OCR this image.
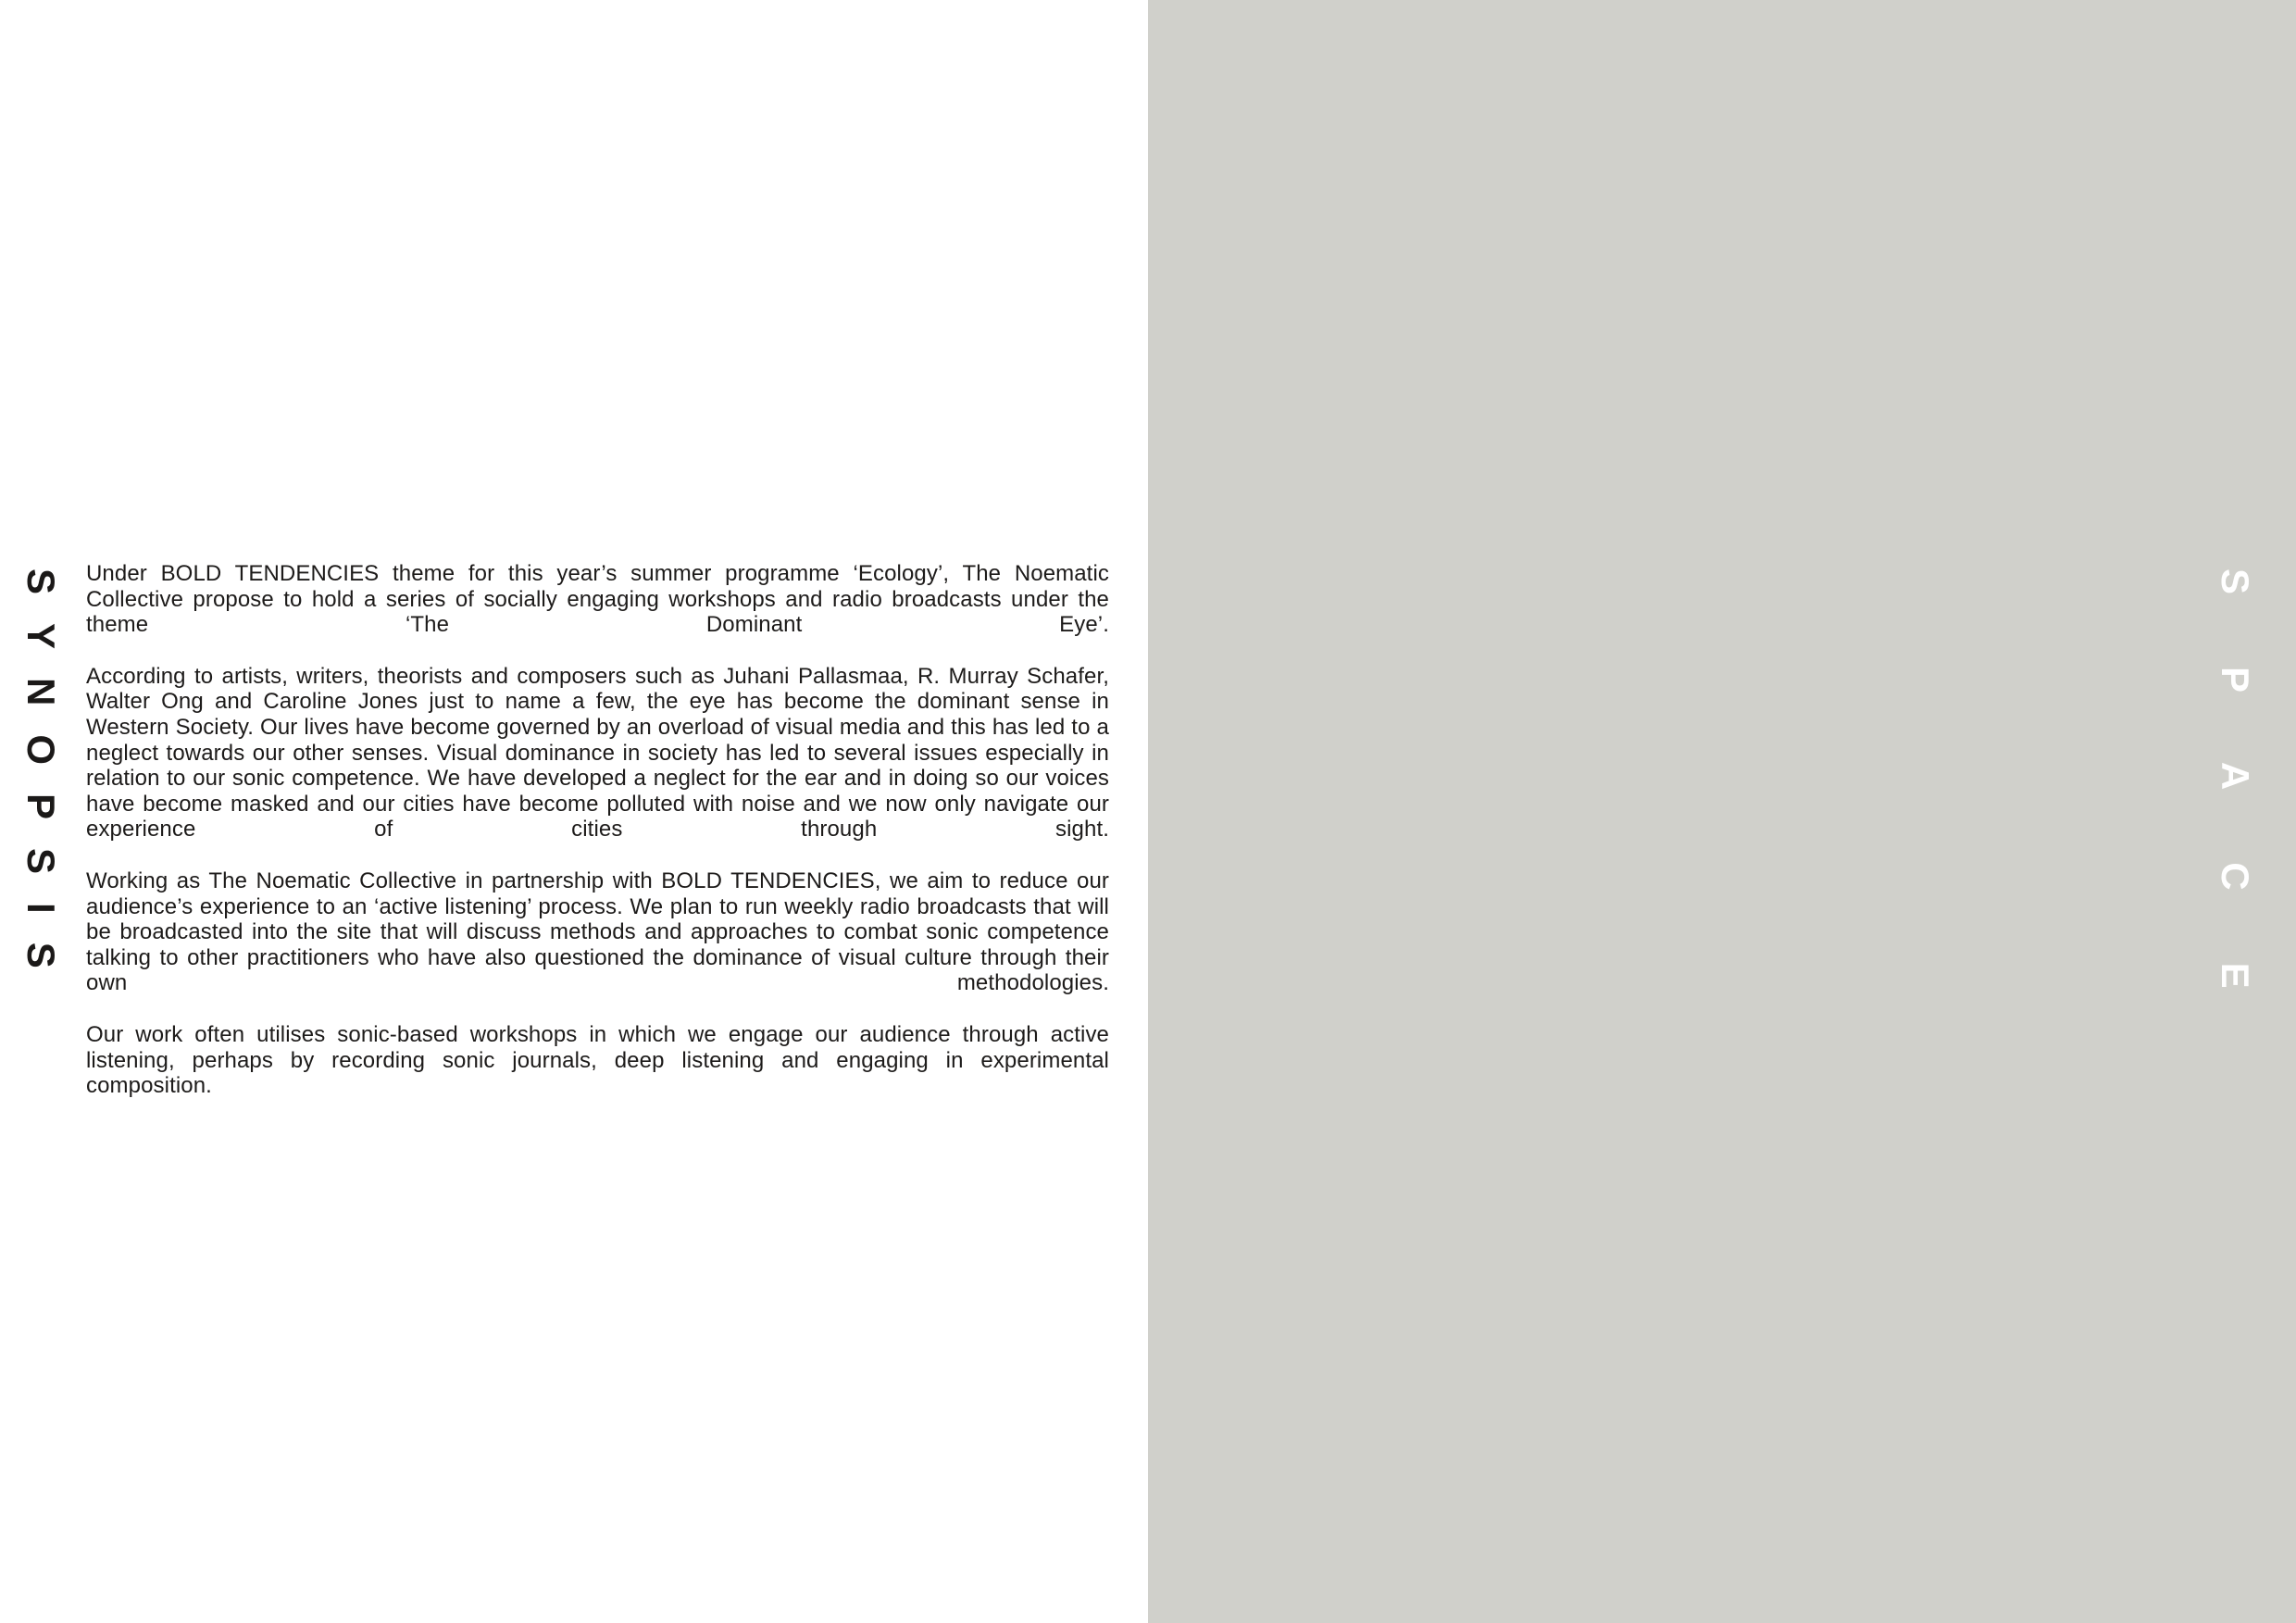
SYNOPSIS Under BOLD TENDENCIES theme for this year’s summer programme ‘Ecology’, The Noematic Collective propose to hold a series of socially engaging workshops and radio broadcasts under the theme ‘The Dominant Eye’.

According to artists, writers, theorists and composers such as Juhani Pallasmaa, R. Murray Schafer, Walter Ong and Caroline Jones just to name a few, the eye has become the dominant sense in Western Society. Our lives have become governed by an overload of visual media and this has led to a neglect towards our other senses. Visual dominance in society has led to several issues especially in relation to our sonic competence. We have developed a neglect for the ear and in doing so our voices have become masked and our cities have become polluted with noise and we now only navigate our experience of cities through sight.

Working as The Noematic Collective in partnership with BOLD TENDENCIES, we aim to reduce our audience’s experience to an ‘active listening’ process. We plan to run weekly radio broadcasts that will be broadcasted into the site that will discuss methods and approaches to combat sonic competence talking to other practitioners who have also questioned the dominance of visual culture through their own methodologies.

Our work often utilises sonic-based workshops in which we engage our audience through active listening, perhaps by recording sonic journals, deep listening and engaging in experimental composition.

SPACE
